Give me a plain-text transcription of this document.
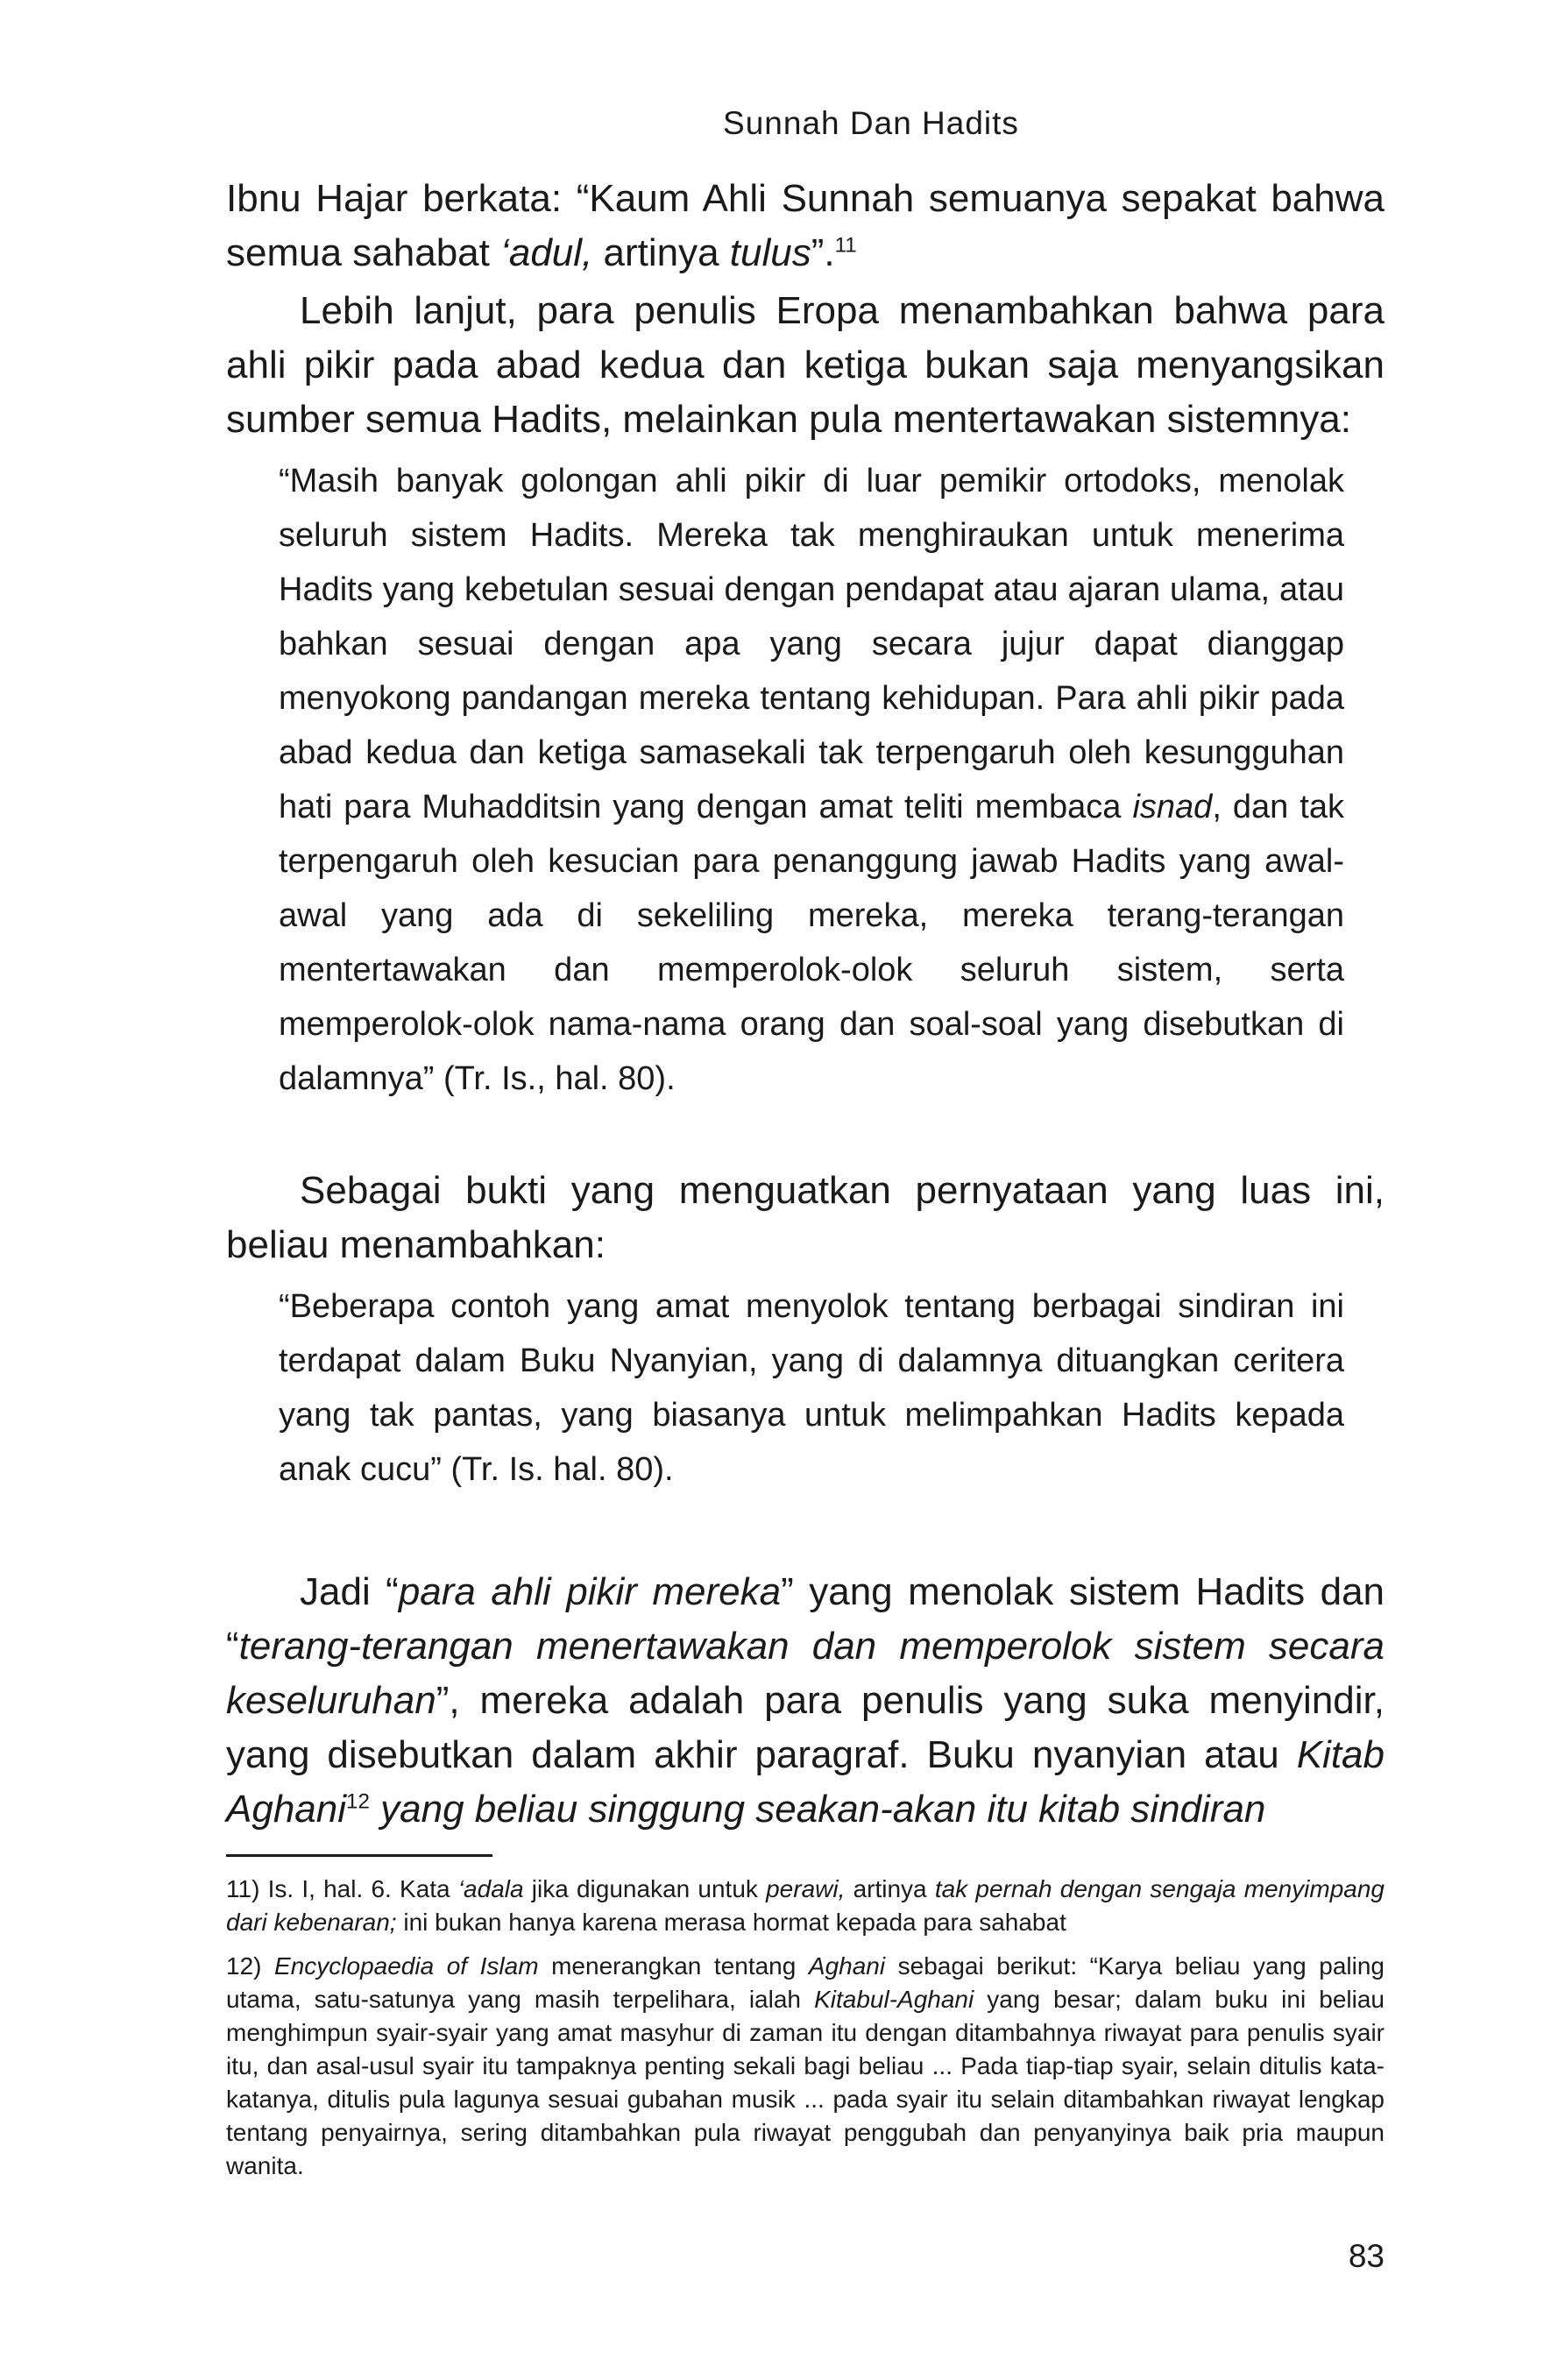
Sunnah Dan Hadits

Ibnu Hajar berkata: “Kaum Ahli Sunnah semuanya sepakat bahwa semua sahabat ‘adul, artinya tulus”.$^{11}$

Lebih lanjut, para penulis Eropa menambahkan bahwa para ahli pikir pada abad kedua dan ketiga bukan saja menyangsikan sumber semua Hadits, melainkan pula mentertawakan sistemnya:

“Masih banyak golongan ahli pikir di luar pemikir ortodoks, menolak seluruh sistem Hadits. Mereka tak menghiraukan untuk menerima Hadits yang kebetulan sesuai dengan pendapat atau ajaran ulama, atau bahkan sesuai dengan apa yang secara jujur dapat dianggap menyokong pandangan mereka tentang kehidupan. Para ahli pikir pada abad kedua dan ketiga samasekali tak terpengaruh oleh kesungguhan hati para Muhadditsin yang dengan amat teliti membaca isnad, dan tak terpengaruh oleh kesucian para penanggung jawab Hadits yang awal-awal yang ada di sekeliling mereka, mereka terang-terangan mentertawakan dan memperolok-olok seluruh sistem, serta memperolok-olok nama-nama orang dan soal-soal yang disebutkan di dalamnya” (Tr. Is., hal. 80).

Sebagai bukti yang menguatkan pernyataan yang luas ini, beliau menambahkan:

“Beberapa contoh yang amat menyolok tentang berbagai sindiran ini terdapat dalam Buku Nyanyian, yang di dalamnya dituangkan ceritera yang tak pantas, yang biasanya untuk melimpahkan Hadits kepada anak cucu” (Tr. Is. hal. 80).

Jadi “para ahli pikir mereka” yang menolak sistem Hadits dan “terang-terangan menertawakan dan memperolok sistem secara keseluruhan”, mereka adalah para penulis yang suka menyindir, yang disebutkan dalam akhir paragraf. Buku nyanyian atau Kitab Aghani$^{12}$ yang beliau singgung seakan-akan itu kitab sindiran

11) Is. I, hal. 6. Kata ‘adala jika digunakan untuk perawi, artinya tak pernah dengan sengaja menyimpang dari kebenaran; ini bukan hanya karena merasa hormat kepada para sahabat

12) Encyclopaedia of Islam menerangkan tentang Aghani sebagai berikut: “Karya beliau yang paling utama, satu-satunya yang masih terpelihara, ialah Kitabul-Aghani yang besar; dalam buku ini beliau menghimpun syair-syair yang amat masyhur di zaman itu dengan ditambahnya riwayat para penulis syair itu, dan asal-usul syair itu tampaknya penting sekali bagi beliau ... Pada tiap-tiap syair, selain ditulis kata-katanya, ditulis pula lagunya sesuai gubahan musik ... pada syair itu selain ditambahkan riwayat lengkap tentang penyairnya, sering ditambahkan pula riwayat penggubah dan penyanyinya baik pria maupun wanita.

83
